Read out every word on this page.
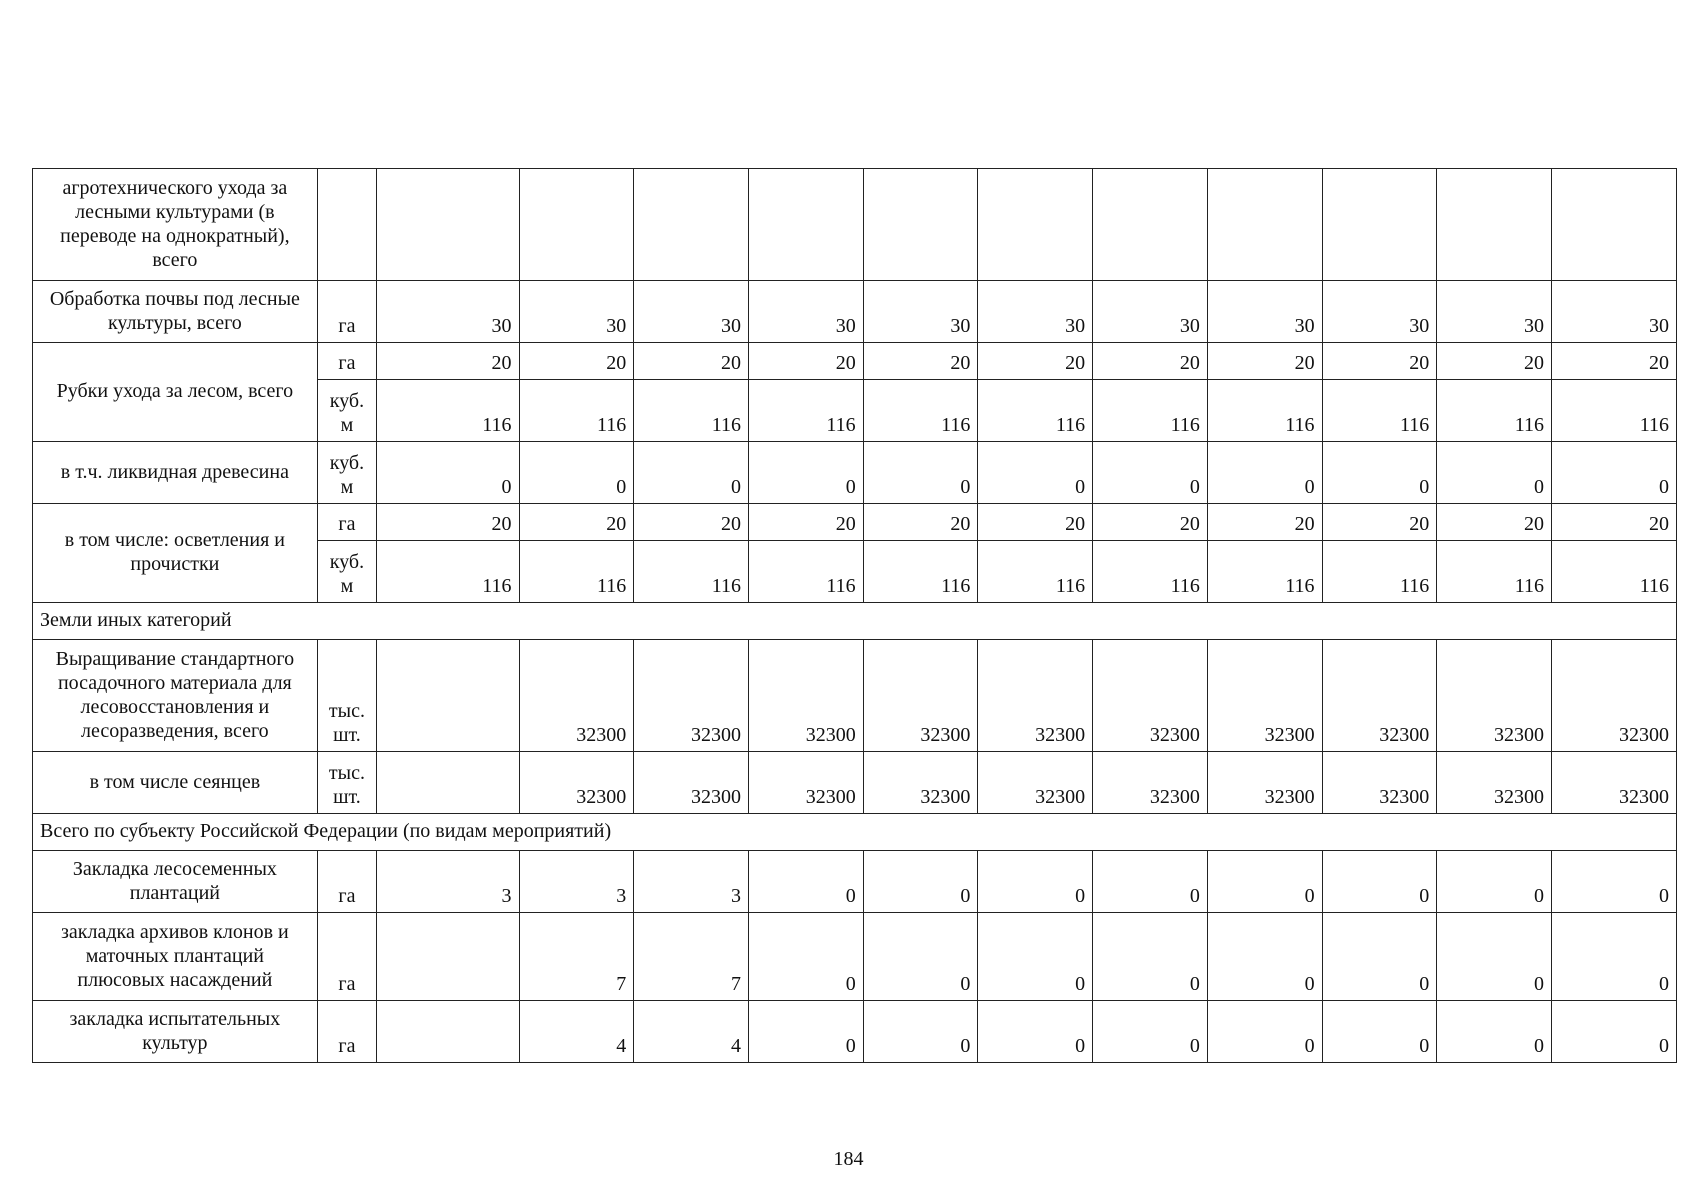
агротехнического ухода за лесными культурами (в переводе на однократный), всего												
Обработка почвы под лесные культуры, всего	га	30	30	30	30	30	30	30	30	30	30	30
Рубки ухода за лесом, всего	га	20	20	20	20	20	20	20	20	20	20	20
	куб. м	116	116	116	116	116	116	116	116	116	116	116
в т.ч. ликвидная древесина	куб. м	0	0	0	0	0	0	0	0	0	0	0
в том числе: осветления и прочистки	га	20	20	20	20	20	20	20	20	20	20	20
	куб. м	116	116	116	116	116	116	116	116	116	116	116
Земли иных категорий												
Выращивание стандартного посадочного материала для лесовосстановления и лесоразведения, всего	тыс. шт.		32300	32300	32300	32300	32300	32300	32300	32300	32300	32300
в том числе сеянцев	тыс. шт.		32300	32300	32300	32300	32300	32300	32300	32300	32300	32300
Всего по субъекту Российской Федерации (по видам мероприятий)												
Закладка лесосеменных плантаций	га	3	3	3	0	0	0	0	0	0	0	0
закладка архивов клонов и маточных плантаций плюсовых насаждений	га		7	7	0	0	0	0	0	0	0	0
закладка испытательных культур	га		4	4	0	0	0	0	0	0	0	0
184
